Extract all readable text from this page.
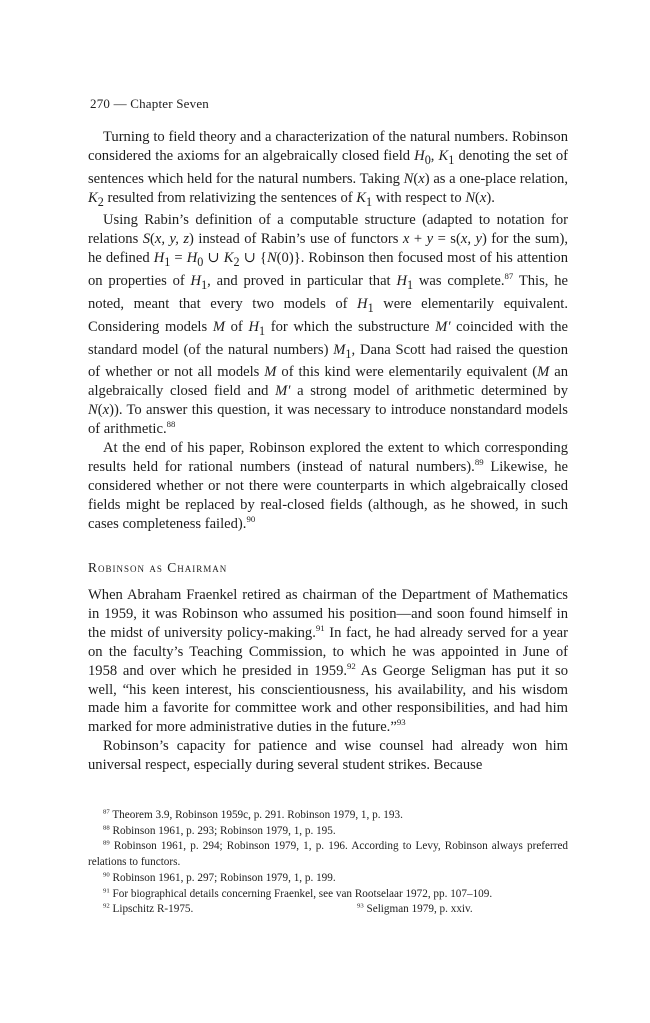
270 — Chapter Seven

Turning to field theory and a characterization of the natural numbers. Robinson considered the axioms for an algebraically closed field $H_0$, $K_1$ denoting the set of sentences which held for the natural numbers. Taking N(x) as a one-place relation, $K_2$ resulted from relativizing the sentences of $K_1$ with respect to N(x).

Using Rabin’s definition of a computable structure (adapted to notation for relations S(x, y, z) instead of Rabin’s use of functors x + y = s(x, y) for the sum), he defined $H_1 = H_0$ ∪ $K_2$ ∪ {N(0)}. Robinson then focused most of his attention on properties of $H_1$, and proved in particular that $H_1$ was complete.$^{87}$ This, he noted, meant that every two models of $H_1$ were elementarily equivalent. Considering models M of $H_1$ for which the substructure M′ coincided with the standard model (of the natural numbers) $M_1$, Dana Scott had raised the question of whether or not all models M of this kind were elementarily equivalent (M an algebraically closed field and M′ a strong model of arithmetic determined by N(x)). To answer this question, it was necessary to introduce nonstandard models of arithmetic.$^{88}$

At the end of his paper, Robinson explored the extent to which corresponding results held for rational numbers (instead of natural numbers).$^{89}$ Likewise, he considered whether or not there were counterparts in which algebraically closed fields might be replaced by real-closed fields (although, as he showed, in such cases completeness failed).$^{90}$

Robinson as Chairman

When Abraham Fraenkel retired as chairman of the Department of Mathematics in 1959, it was Robinson who assumed his position—and soon found himself in the midst of university policy-making.$^{91}$ In fact, he had already served for a year on the faculty’s Teaching Commission, to which he was appointed in June of 1958 and over which he presided in 1959.92 As George Seligman has put it so well, “his keen interest, his conscientiousness, his availability, and his wisdom made him a favorite for committee work and other responsibilities, and had him marked for more administrative duties in the future.”$^{93}$

Robinson’s capacity for patience and wise counsel had already won him universal respect, especially during several student strikes. Because

$^{87}$ Theorem 3.9, Robinson 1959c, p. 291. Robinson 1979, 1, p. 193.

$^{88}$ Robinson 1961, p. 293; Robinson 1979, 1, p. 195.

$^{89}$ Robinson 1961, p. 294; Robinson 1979, 1, p. 196. According to Levy, Robinson always preferred relations to functors.

$^{90}$ Robinson 1961, p. 297; Robinson 1979, 1, p. 199.

$^{91}$ For biographical details concerning Fraenkel, see van Rootselaar 1972, pp. 107–109.

$^{92}$ Lipschitz R-1975.	$^{93}$ Seligman 1979, p. xxiv.
